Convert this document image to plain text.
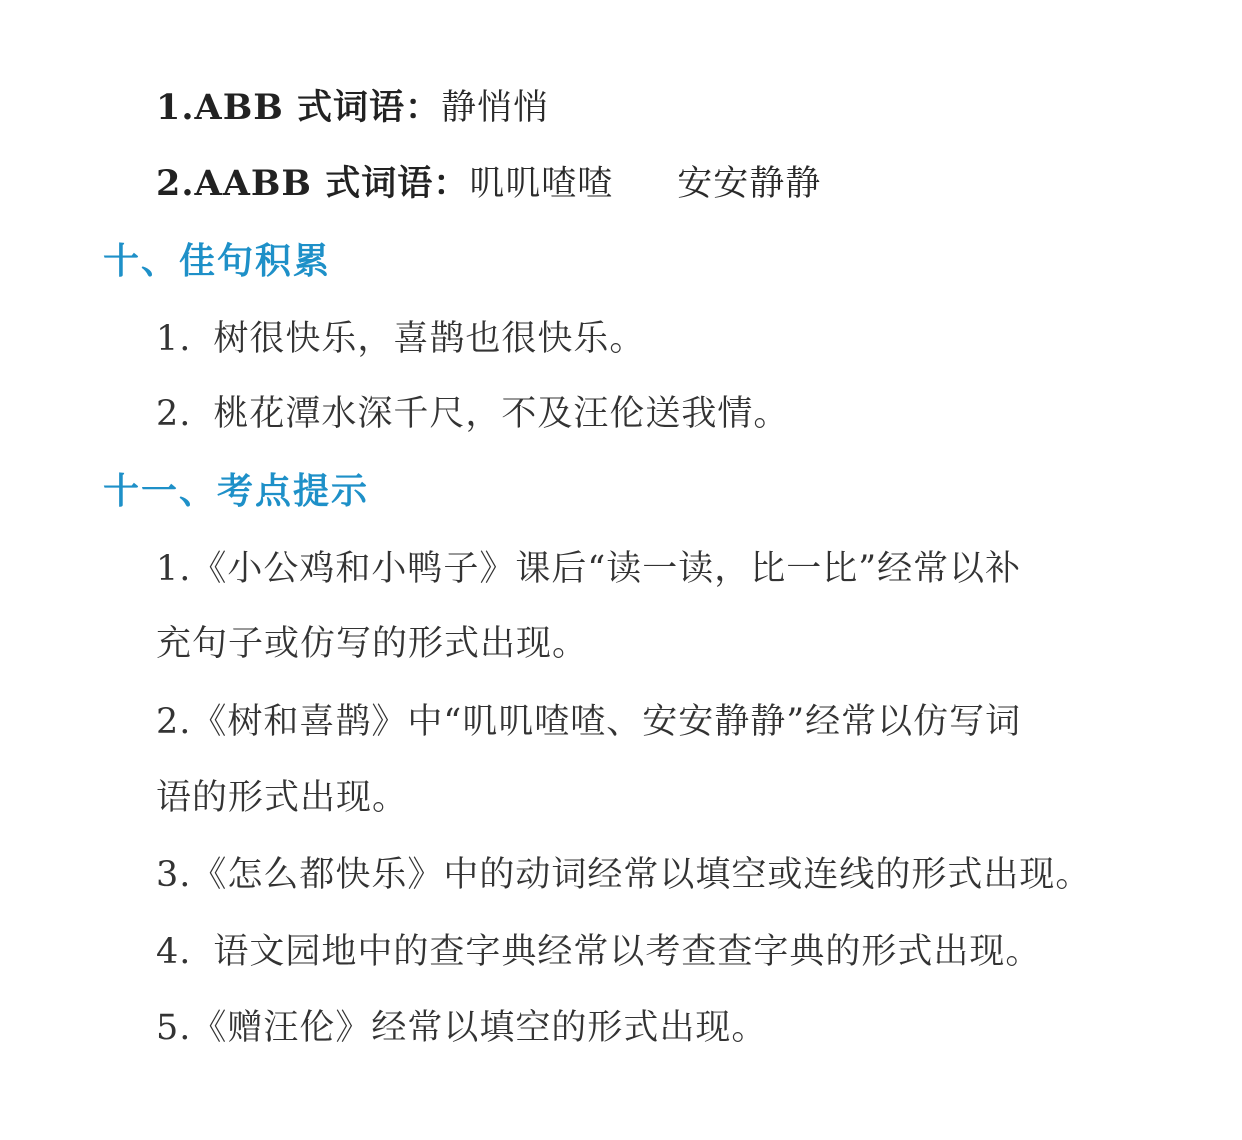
1.ABB 式词语：静悄悄
2.AABB 式词语：叽叽喳喳 安安静静
十、佳句积累
1. 树很快乐，喜鹊也很快乐。
2. 桃花潭水深千尺，不及汪伦送我情。
十一、考点提示
1.《小公鸡和小鸭子》课后“读一读，比一比”经常以补
充句子或仿写的形式出现。
2.《树和喜鹊》中“叽叽喳喳、安安静静”经常以仿写词
语的形式出现。
3.《怎么都快乐》中的动词经常以填空或连线的形式出现。
4. 语文园地中的查字典经常以考查查字典的形式出现。
5.《赠汪伦》经常以填空的形式出现。
